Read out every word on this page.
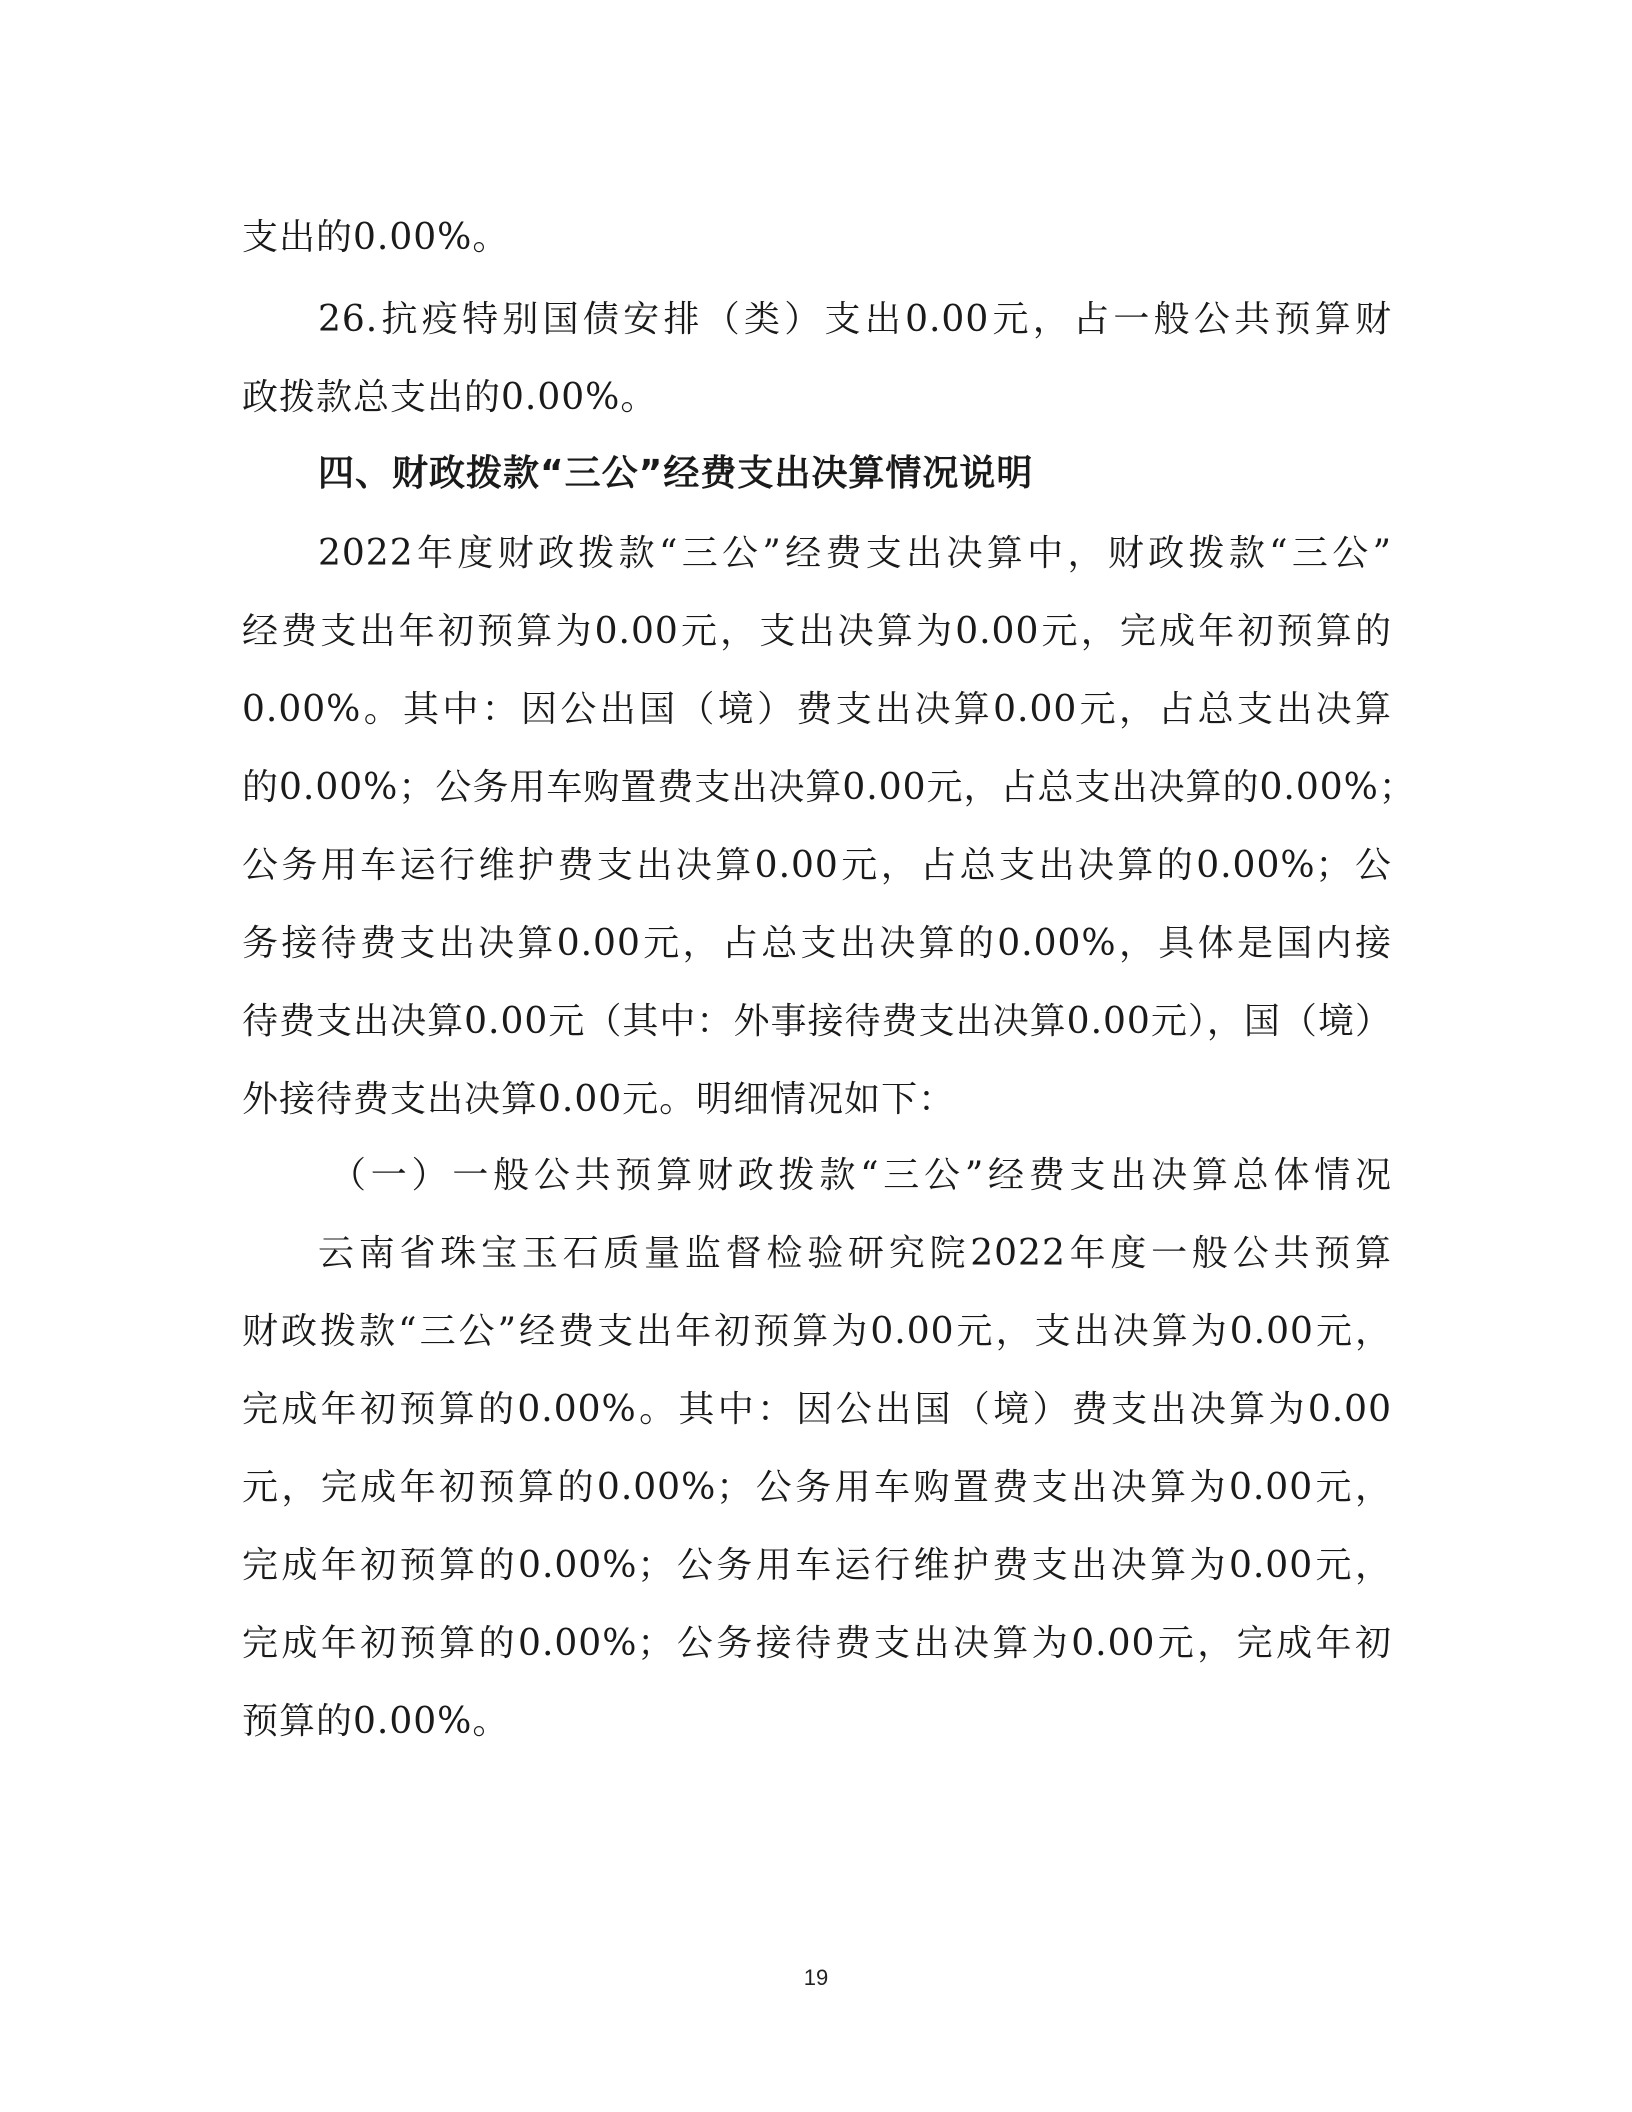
支出的0.00%。
26.抗疫特别国债安排（类）支出0.00元，占一般公共预算财
政拨款总支出的0.00%。
四、财政拨款“三公”经费支出决算情况说明
2022年度财政拨款“三公”经费支出决算中，财政拨款“三公”
经费支出年初预算为0.00元，支出决算为0.00元，完成年初预算的
0.00%。其中：因公出国（境）费支出决算0.00元，占总支出决算
的0.00%；公务用车购置费支出决算0.00元，占总支出决算的0.00%；
公务用车运行维护费支出决算0.00元，占总支出决算的0.00%；公
务接待费支出决算0.00元，占总支出决算的0.00%，具体是国内接
待费支出决算0.00元（其中：外事接待费支出决算0.00元），国（境）
外接待费支出决算0.00元。明细情况如下：
（一）一般公共预算财政拨款“三公”经费支出决算总体情况
云南省珠宝玉石质量监督检验研究院2022年度一般公共预算
财政拨款“三公”经费支出年初预算为0.00元，支出决算为0.00元，
完成年初预算的0.00%。其中：因公出国（境）费支出决算为0.00
元，完成年初预算的0.00%；公务用车购置费支出决算为0.00元，
完成年初预算的0.00%；公务用车运行维护费支出决算为0.00元，
完成年初预算的0.00%；公务接待费支出决算为0.00元，完成年初
预算的0.00%。
19
